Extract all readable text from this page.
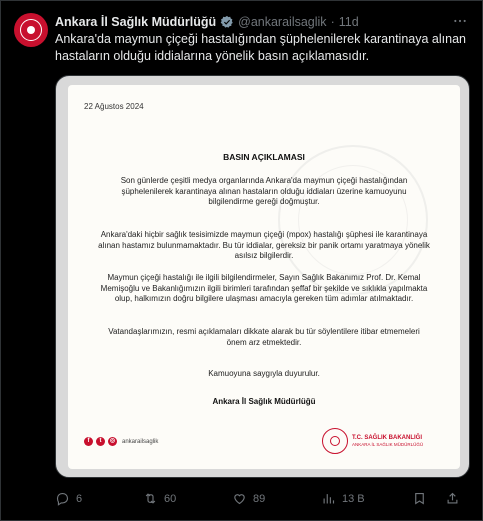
Ankara İl Sağlık Müdürlüğü @ankarailsaglik · 11d
Ankara'da maymun çiçeği hastalığından şüphelenilerek karantinaya alınan hastaların olduğu iddialarına yönelik basın açıklamasıdır.
22 Ağustos 2024
BASIN AÇIKLAMASI
Son günlerde çeşitli medya organlarında Ankara'da maymun çiçeği hastalığından şüphelenilerek karantinaya alınan hastaların olduğu iddiaları üzerine kamuoyunu bilgilendirme gereği doğmuştur.
Ankara'daki hiçbir sağlık tesisimizde maymun çiçeği (mpox) hastalığı şüphesi ile karantinaya alınan hastamız bulunmamaktadır. Bu tür iddialar, gereksiz bir panik ortamı yaratmaya yönelik asılsız bilgilerdir.
Maymun çiçeği hastalığı ile ilgili bilgilendirmeler, Sayın Sağlık Bakanımız Prof. Dr. Kemal Memişoğlu ve Bakanlığımızın ilgili birimleri tarafından şeffaf bir şekilde ve sıklıkla yapılmakta olup, halkımızın doğru bilgilere ulaşması amacıyla gereken tüm adımlar atılmaktadır.
Vatandaşlarımızın, resmi açıklamaları dikkate alarak bu tür söylentilere itibar etmemeleri önem arz etmektedir.
Kamuoyuna saygıyla duyurulur.
Ankara İl Sağlık Müdürlüğü
f	t	◎	ankarailsaglik
T.C. SAĞLIK BAKANLIĞI
ANKARA İL SAĞLIK MÜDÜRLÜĞÜ
6	60	89	13 B
